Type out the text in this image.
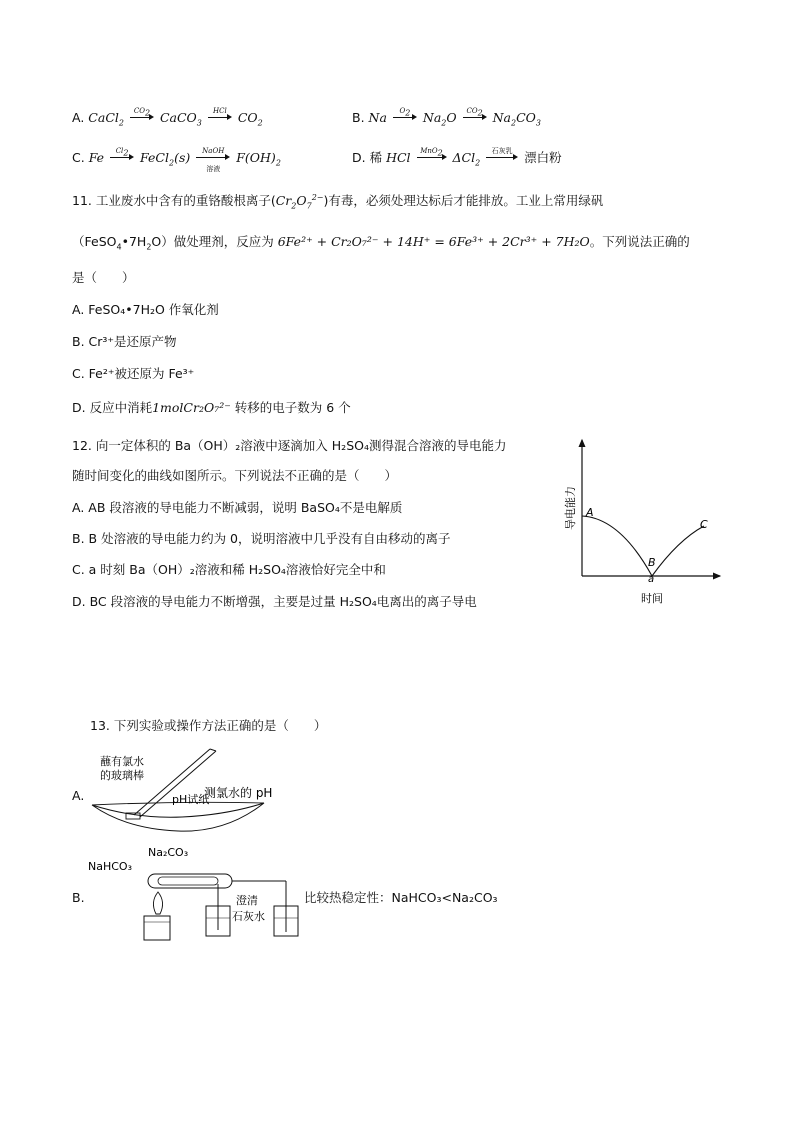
A. CaCl$_2$
$CO_2$ CaCO$_3$
HCl $CO_2$	B. Na	$O_2$	$Na_2O$	$CO_2$ $Na_2CO_3$
C. Fe	$Cl_2$ FeCl$_2$(s)	NaOH
溶液
$F(OH)_2$	D. 稀 HCl	MnO$_2$ ΔCl$_2$
石灰乳 漂白粉
11. 工业废水中含有的重铬酸根离子$(Cr_2O_7^{2-})$有毒，必须处理达标后才能排放。工业上常用绿矾
$(FeSO_4•7H_2O)$做处理剂，反应为 6Fe²⁺ + Cr₂O₇²⁻ + 14H⁺ = 6Fe³⁺ + 2Cr³⁺ + 7H₂O。下列说法正确的
是（　　）
A. FeSO₄•7H₂O 作氧化剂
B. Cr³⁺是还原产物
C. Fe²⁺被还原为 Fe³⁺
D. 反应中消耗1molCr₂O₇²⁻ 转移的电子数为 6 个
12. 向一定体积的 Ba（OH）₂溶液中逐滴加入 H₂SO₄测得混合溶液的导电能力
随时间变化的曲线如图所示。下列说法不正确的是（　　）
A. AB 段溶液的导电能力不断减弱，说明 BaSO₄不是电解质
B. B 处溶液的导电能力约为 0，说明溶液中几乎没有自由移动的离子
C. a 时刻 Ba（OH）₂溶液和稀 H₂SO₄溶液恰好完全中和
D. BC 段溶液的导电能力不断增强，主要是过量 H₂SO₄电离出的离子导电
导电能力 A
C
B
a
时间
13. 下列实验或操作方法正确的是（　　）
A.
蘸有氯水
的玻璃棒
pH试纸
测氯水的 pH
B.
NaHCO₃
Na₂CO₃
澄清
石灰水
比较热稳定性：NaHCO₃<Na₂CO₃
